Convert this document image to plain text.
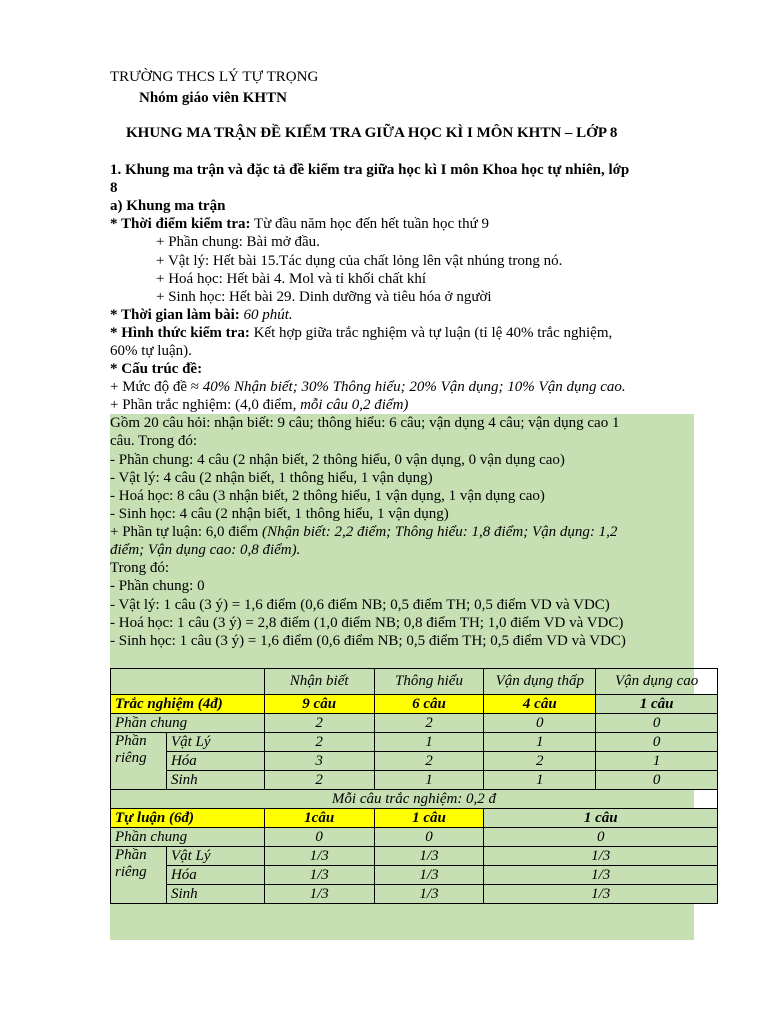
TRƯỜNG THCS LÝ TỰ TRỌNG
Nhóm giáo viên KHTN
KHUNG MA TRẬN ĐỀ KIỂM TRA GIỮA HỌC KÌ I MÔN KHTN – LỚP 8
1. Khung ma trận và đặc tả đề kiểm tra giữa học kì I môn Khoa học tự nhiên, lớp
8
a) Khung ma trận
* Thời điểm kiểm tra: Từ đầu năm học đến hết tuần học thứ 9
+ Phần chung: Bài mở đầu.
+ Vật lý: Hết bài 15.Tác dụng của chất lỏng lên vật nhúng trong nó.
+ Hoá học: Hết bài 4. Mol và tỉ khối chất khí
+ Sinh học: Hết bài 29. Dinh dưỡng và tiêu hóa ở người
* Thời gian làm bài: 60 phút.
* Hình thức kiểm tra: Kết hợp giữa trắc nghiệm và tự luận (tỉ lệ 40% trắc nghiệm,
60% tự luận).
* Cấu trúc đề:
+ Mức độ đề ≈ 40% Nhận biết; 30% Thông hiểu; 20% Vận dụng; 10% Vận dụng cao.
+ Phần trắc nghiệm: (4,0 điểm, mỗi câu 0,2 điểm)
Gồm 20 câu hỏi: nhận biết: 9 câu; thông hiểu: 6 câu; vận dụng 4 câu; vận dụng cao 1
câu. Trong đó:
- Phần chung: 4 câu (2 nhận biết, 2 thông hiểu, 0 vận dụng, 0 vận dụng cao)
- Vật lý: 4 câu (2 nhận biết, 1 thông hiểu, 1 vận dụng)
- Hoá học: 8 câu (3 nhận biết, 2 thông hiểu, 1 vận dụng, 1 vận dụng cao)
- Sinh học: 4 câu (2 nhận biết, 1 thông hiểu, 1 vận dụng)
+ Phần tự luận: 6,0 điểm (Nhận biết: 2,2 điểm; Thông hiểu: 1,8 điểm; Vận dụng: 1,2
điểm; Vận dụng cao: 0,8 điểm).
Trong đó:
- Phần chung: 0
- Vật lý: 1 câu (3 ý) = 1,6 điểm (0,6 điểm NB; 0,5 điểm TH; 0,5 điểm VD và VDC)
- Hoá học: 1 câu (3 ý) = 2,8 điểm (1,0 điểm NB; 0,8 điểm TH; 1,0 điểm VD và VDC)
- Sinh học: 1 câu (3 ý) = 1,6 điểm (0,6 điểm NB; 0,5 điểm TH; 0,5 điểm VD và VDC)
		Nhận biết	Thông hiểu	Vận dụng thấp	Vận dụng cao
Trắc nghiệm (4đ)		9 câu	6 câu	4 câu	1 câu
Phần chung		2	2	0	0
Phần riêng	Vật Lý	2	1	1	0
	Hóa	3	2	2	1
	Sinh	2	1	1	0
Mỗi câu trắc nghiệm: 0,2 đ					
Tự luận (6đ)		1câu	1 câu	1 câu	
Phần chung		0	0	0	
Phần riêng	Vật Lý	1/3	1/3	1/3	
	Hóa	1/3	1/3	1/3	
	Sinh	1/3	1/3	1/3	
